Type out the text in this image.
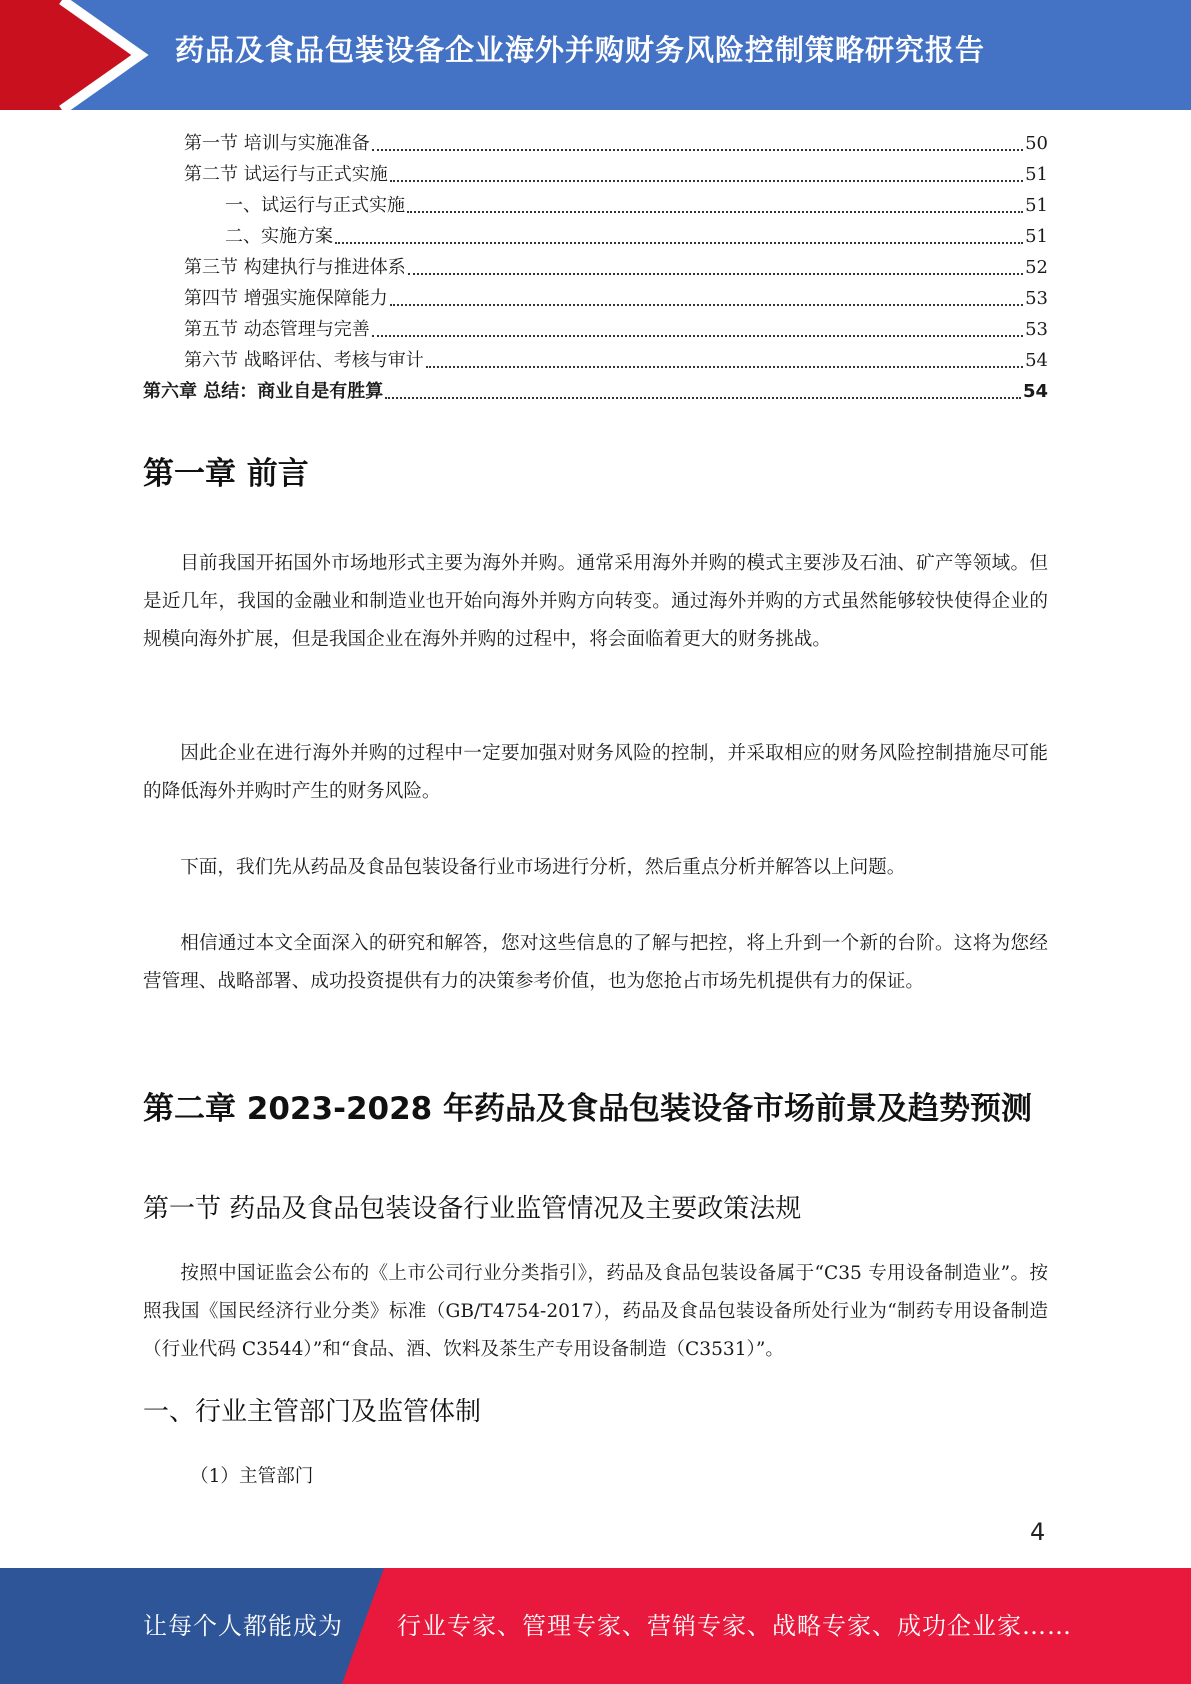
药品及食品包装设备企业海外并购财务风险控制策略研究报告
第一节 培训与实施准备	50
第二节 试运行与正式实施	51
一、试运行与正式实施	51
二、实施方案	51
第三节 构建执行与推进体系	52
第四节 增强实施保障能力	53
第五节 动态管理与完善	53
第六节 战略评估、考核与审计	54
第六章 总结：商业自是有胜算	54
第一章 前言

目前我国开拓国外市场地形式主要为海外并购。通常采用海外并购的模式主要涉及石油、矿产等领域。但是近几年，我国的金融业和制造业也开始向海外并购方向转变。通过海外并购的方式虽然能够较快使得企业的规模向海外扩展，但是我国企业在海外并购的过程中，将会面临着更大的财务挑战。

因此企业在进行海外并购的过程中一定要加强对财务风险的控制，并采取相应的财务风险控制措施尽可能的降低海外并购时产生的财务风险。

下面，我们先从药品及食品包装设备行业市场进行分析，然后重点分析并解答以上问题。

相信通过本文全面深入的研究和解答，您对这些信息的了解与把控，将上升到一个新的台阶。这将为您经营管理、战略部署、成功投资提供有力的决策参考价值，也为您抢占市场先机提供有力的保证。

第二章 2023-2028 年药品及食品包装设备市场前景及趋势预测
第一节 药品及食品包装设备行业监管情况及主要政策法规

按照中国证监会公布的《上市公司行业分类指引》，药品及食品包装设备属于“C35 专用设备制造业”。按照我国《国民经济行业分类》标准（GB/T4754-2017），药品及食品包装设备所处行业为“制药专用设备制造（行业代码 C3544）”和“食品、酒、饮料及茶生产专用设备制造（C3531）”。

一、行业主管部门及监管体制
（1）主管部门
4
让每个人都能成为 行业专家、管理专家、营销专家、战略专家、成功企业家……
